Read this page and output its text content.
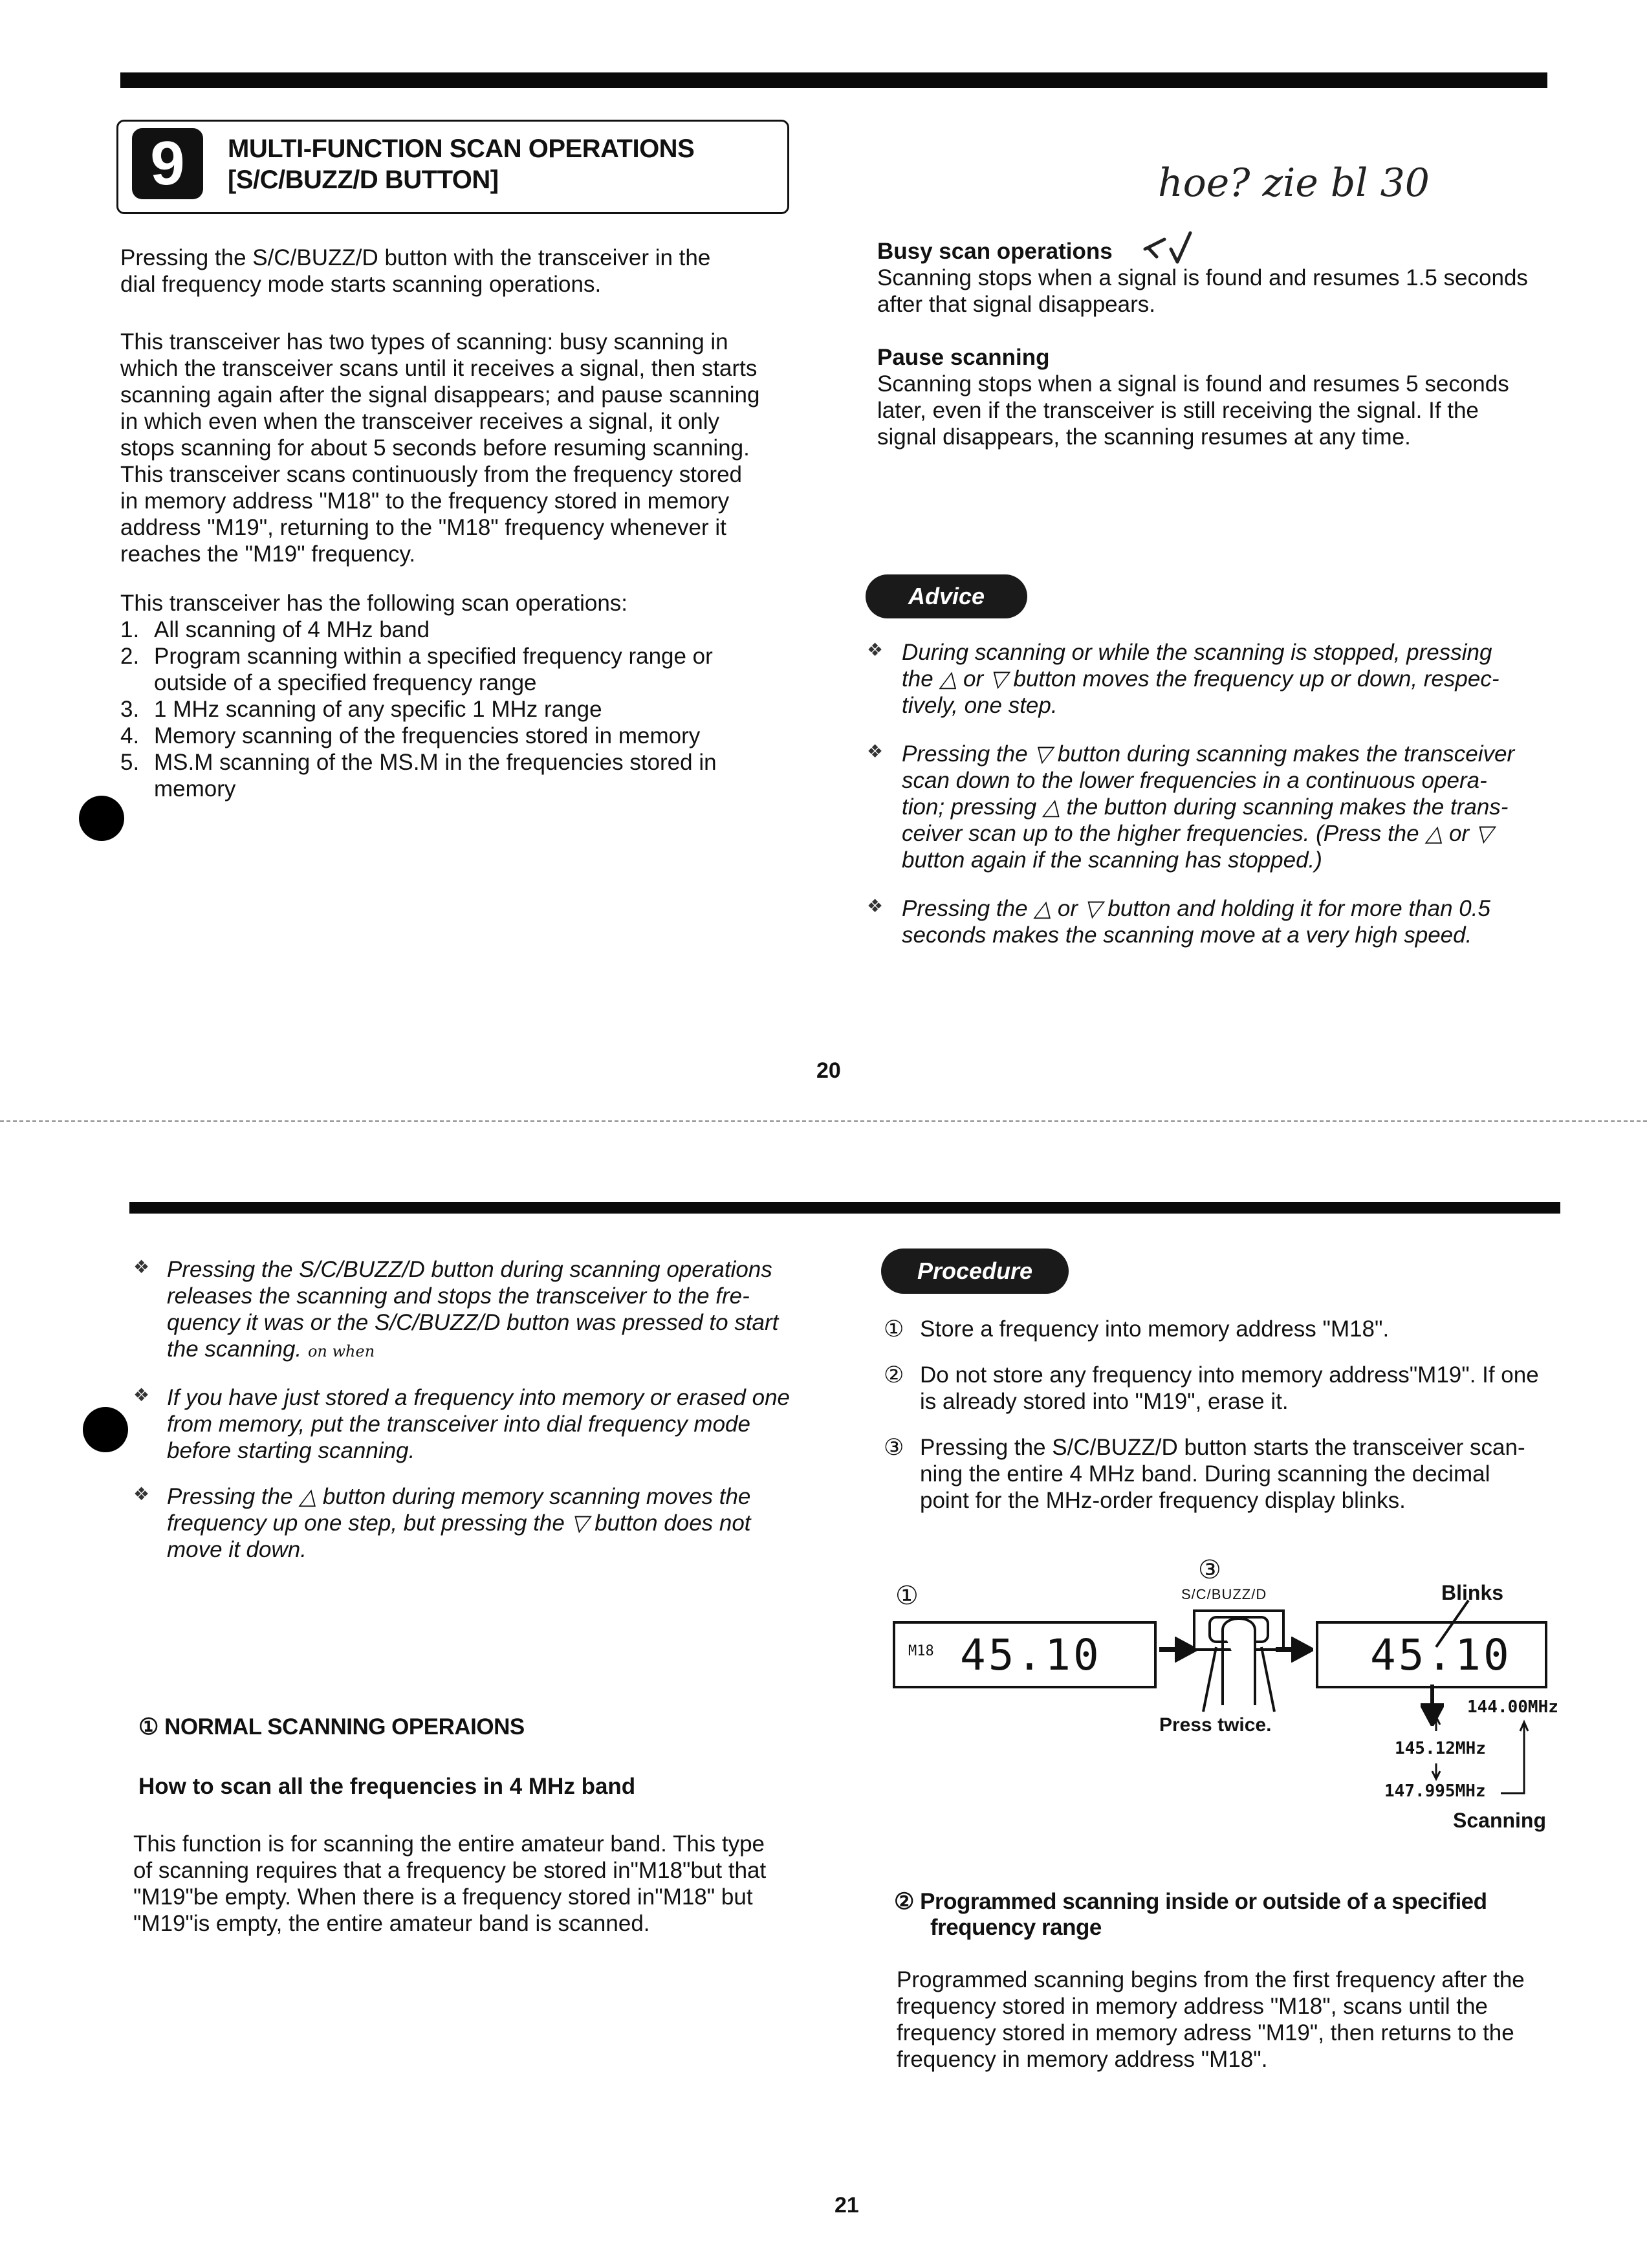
9	MULTI-FUNCTION SCAN OPERATIONS
[S/C/BUZZ/D BUTTON]	hoe? zie bl 30

Pressing the S/C/BUZZ/D button with the transceiver in the

dial frequency mode starts scanning operations.

This transceiver has two types of scanning: busy scanning in

which the transceiver scans until it receives a signal, then starts

scanning again after the signal disappears; and pause scanning

in which even when the transceiver receives a signal, it only

stops scanning for about 5 seconds before resuming scanning.

This transceiver scans continuously from the frequency stored

in memory address "M18" to the frequency stored in memory

address "M19", returning to the "M18" frequency whenever it

reaches the "M19" frequency.

This transceiver has the following scan operations:

1. All scanning of 4 MHz band

2. Program scanning within a specified frequency range or

outside of a specified frequency range

3. 1 MHz scanning of any specific 1 MHz range

4. Memory scanning of the frequencies stored in memory

5. MS.M scanning of the MS.M in the frequencies stored in

memory

Busy scan operations

Scanning stops when a signal is found and resumes 1.5 seconds

after that signal disappears.

Pause scanning

Scanning stops when a signal is found and resumes 5 seconds

later, even if the transceiver is still receiving the signal. If the

signal disappears, the scanning resumes at any time.

Advice
❖ During scanning or while the scanning is stopped, pressing

the △ or ▽ button moves the frequency up or down, respec-

tively, one step.

❖ Pressing the ▽ button during scanning makes the transceiver

scan down to the lower frequencies in a continuous opera-

tion; pressing △ the button during scanning makes the trans-

ceiver scan up to the higher frequencies. (Press the △ or ▽

button again if the scanning has stopped.)

❖ Pressing the △ or ▽ button and holding it for more than 0.5

seconds makes the scanning move at a very high speed.

20
❖ Pressing the S/C/BUZZ/D button during scanning operations

releases the scanning and stops the transceiver to the fre-

quency it was or the S/C/BUZZ/D button was pressed to start

the scanning. on when

❖ If you have just stored a frequency into memory or erased one

from memory, put the transceiver into dial frequency mode

before starting scanning.

❖ Pressing the △ button during memory scanning moves the

frequency up one step, but pressing the ▽ button does not

move it down.

① NORMAL SCANNING OPERAIONS
How to scan all the frequencies in 4 MHz band

This function is for scanning the entire amateur band. This type

of scanning requires that a frequency be stored in"M18"but that

"M19"be empty. When there is a frequency stored in"M18" but

"M19"is empty, the entire amateur band is scanned.

Procedure
① Store a frequency into memory address "M18".

② Do not store any frequency into memory address"M19". If one

is already stored into "M19", erase it.

③ Pressing the S/C/BUZZ/D button starts the transceiver scan-

ning the entire 4 MHz band. During scanning the decimal

point for the MHz-order frequency display blinks.

①
③
M18 45.10
S/C/BUZZ/D
Press twice.
Blinks
45.10
144.00MHz
145.12MHz
147.995MHz
Scanning
② Programmed scanning inside or outside of a specified
frequency range

Programmed scanning begins from the first frequency after the

frequency stored in memory address "M18", scans until the

frequency stored in memory adress "M19", then returns to the

frequency in memory address "M18".

21
